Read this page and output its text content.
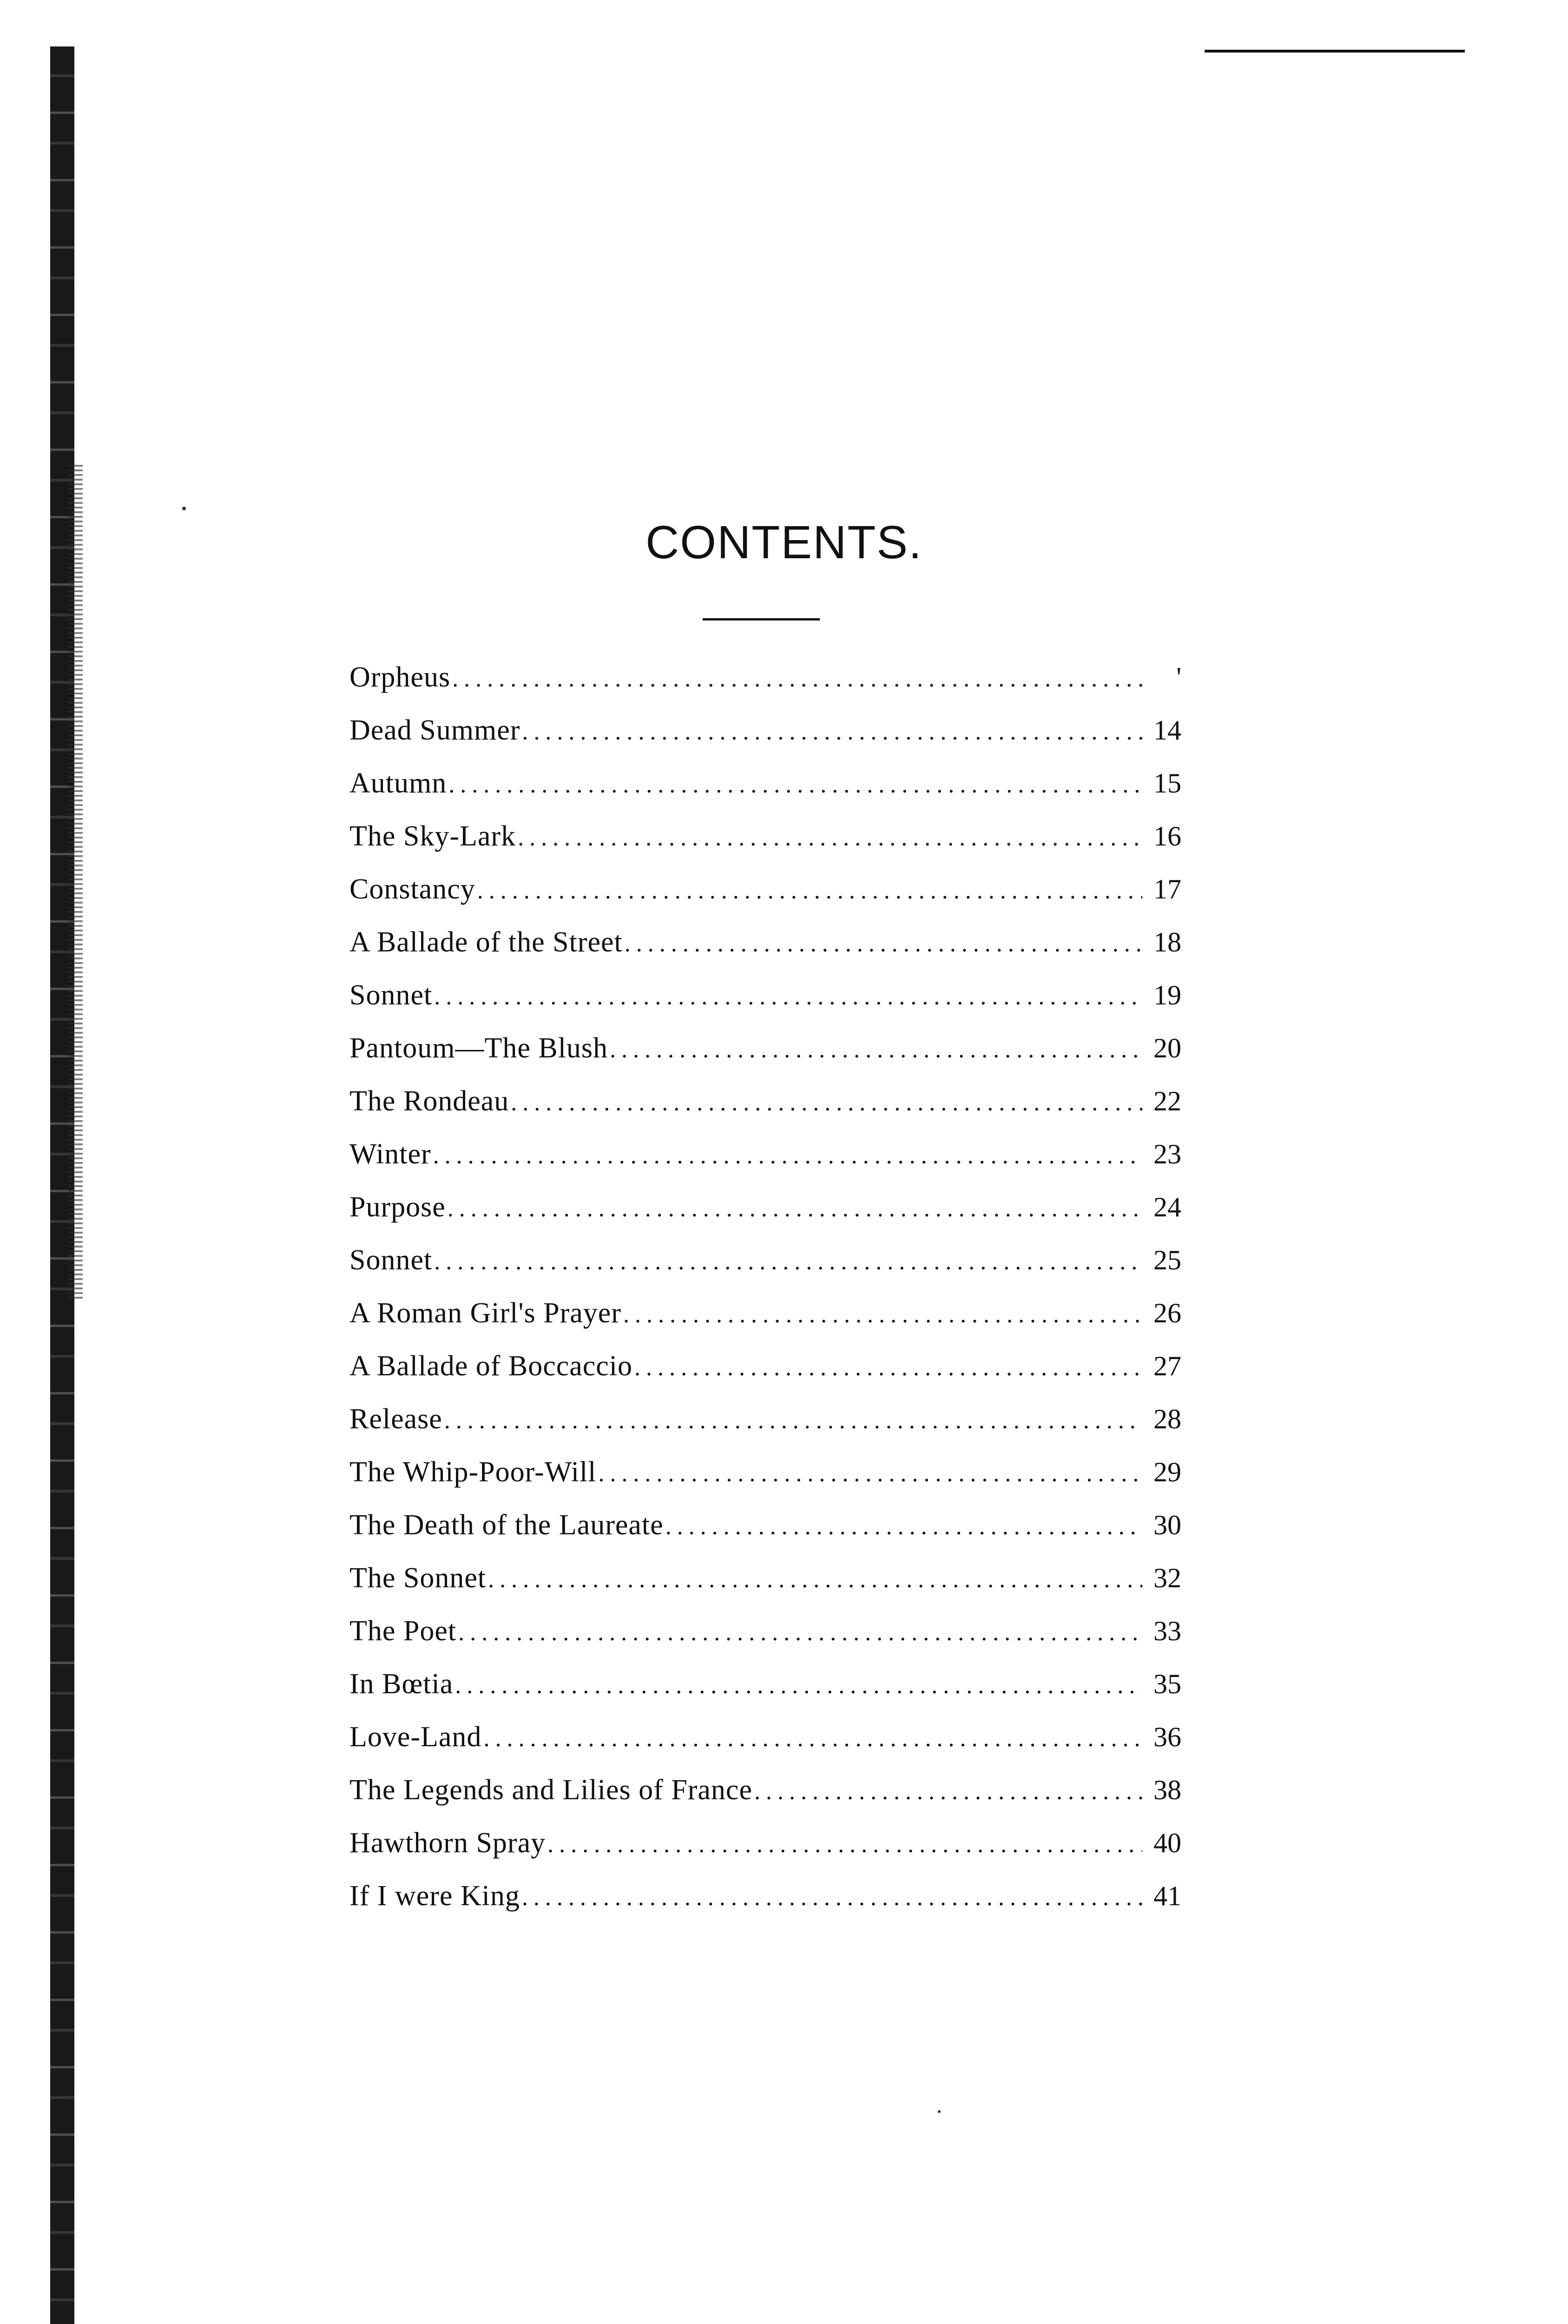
CONTENTS.
Orpheus .....	'
Dead Summer .....	14
Autumn .....	15
The Sky-Lark .....	16
Constancy .....	17
A Ballade of the Street .....	18
Sonnet .....	19
Pantoum—The Blush .....	20
The Rondeau .....	22
Winter .....	23
Purpose .....	24
Sonnet .....	25
A Roman Girl's Prayer .....	26
A Ballade of Boccaccio .....	27
Release .....	28
The Whip-Poor-Will .....	29
The Death of the Laureate .....	30
The Sonnet .....	32
The Poet .....	33
In Bœtia .....	35
Love-Land .....	36
The Legends and Lilies of France .....	38
Hawthorn Spray .....	40
If I were King .....	41
